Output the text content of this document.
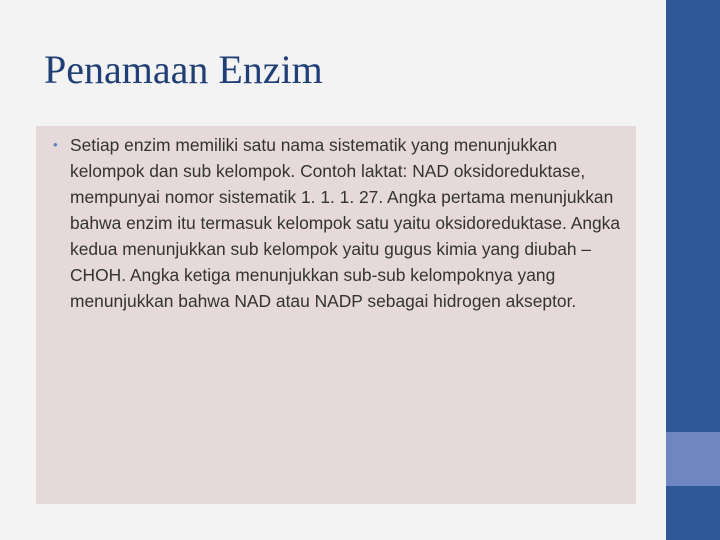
Penamaan Enzim
• Setiap enzim memiliki satu nama sistematik yang menunjukkan kelompok dan sub kelompok. Contoh laktat: NAD oksidoreduktase, mempunyai nomor sistematik 1. 1. 1. 27. Angka pertama menunjukkan bahwa enzim itu termasuk kelompok satu yaitu oksidoreduktase. Angka kedua menunjukkan sub kelompok yaitu gugus kimia yang diubah – CHOH. Angka ketiga menunjukkan sub-sub kelompoknya yang menunjukkan bahwa NAD atau NADP sebagai hidrogen akseptor.
